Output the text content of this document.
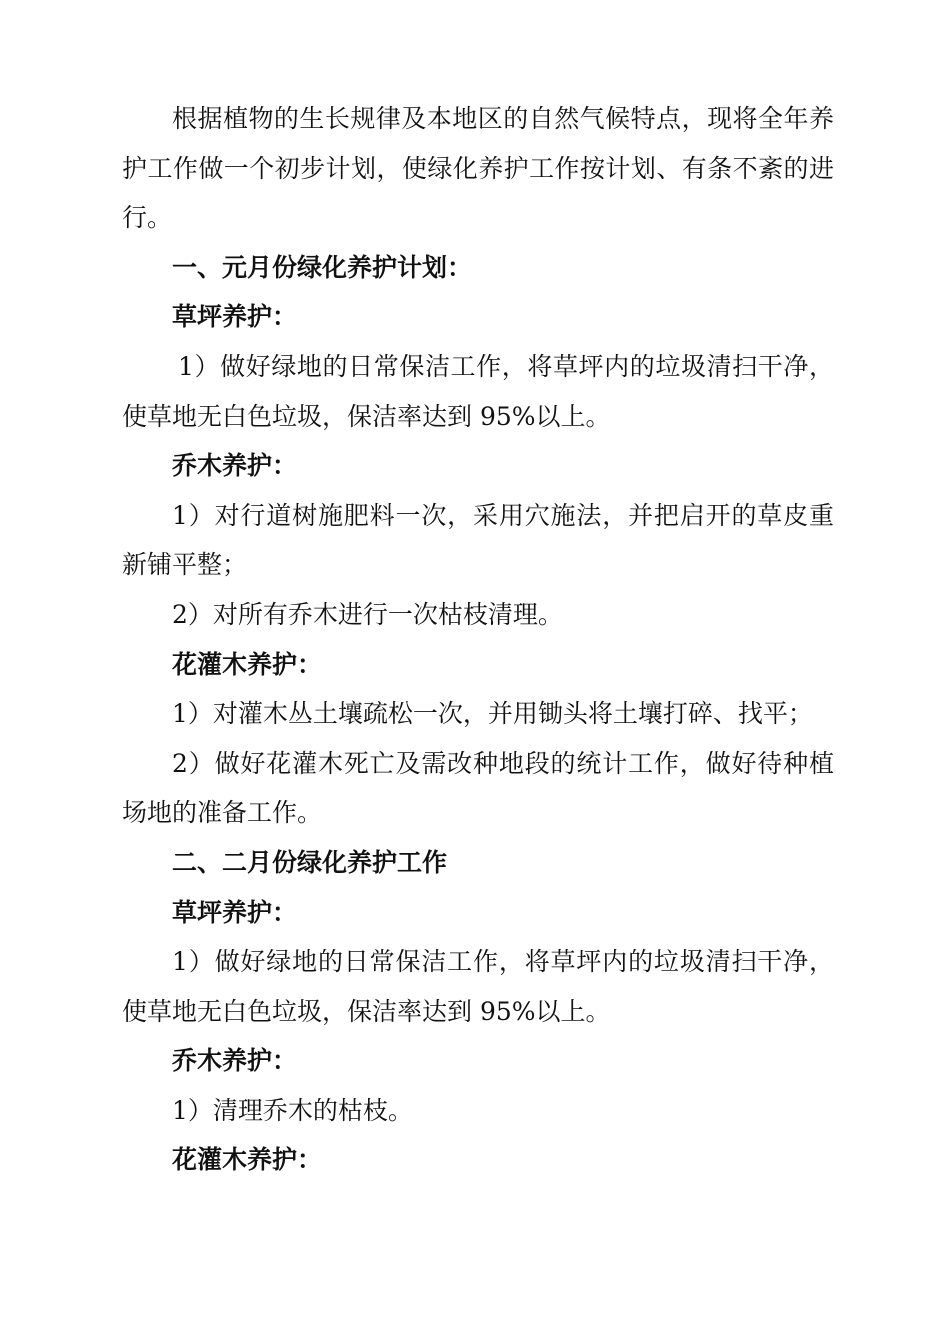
根据植物的生长规律及本地区的自然气候特点，现将全年养护工作做一个初步计划，使绿化养护工作按计划、有条不紊的进行。

一、元月份绿化养护计划：

草坪养护：

1）做好绿地的日常保洁工作，将草坪内的垃圾清扫干净，使草地无白色垃圾，保洁率达到 95%以上。

乔木养护：

1）对行道树施肥料一次，采用穴施法，并把启开的草皮重新铺平整；

2）对所有乔木进行一次枯枝清理。

花灌木养护：

1）对灌木丛土壤疏松一次，并用锄头将土壤打碎、找平；

2）做好花灌木死亡及需改种地段的统计工作，做好待种植场地的准备工作。

二、二月份绿化养护工作

草坪养护：

1）做好绿地的日常保洁工作，将草坪内的垃圾清扫干净，使草地无白色垃圾，保洁率达到 95%以上。

乔木养护：

1）清理乔木的枯枝。

花灌木养护：
